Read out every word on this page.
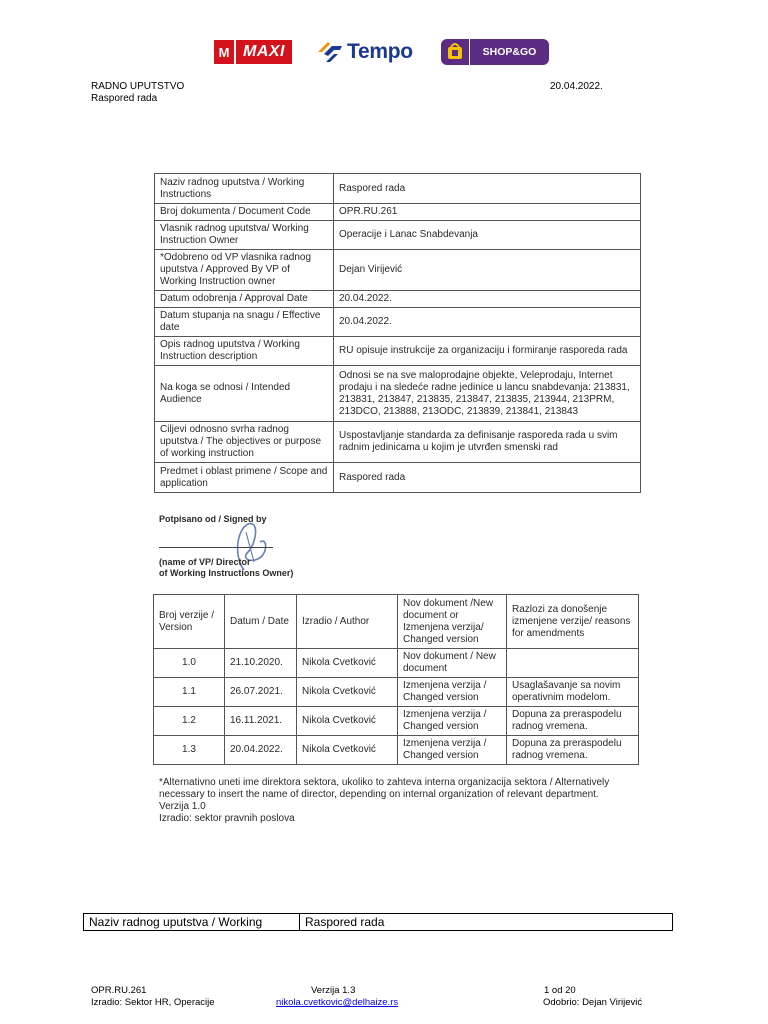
M MAXI	Tempo	SHOP&GO
RADNO UPUTSTVO
Raspored rada
20.04.2022.
Naziv radnog uputstva / Working Instructions	Raspored rada
Broj dokumenta / Document Code	OPR.RU.261
Vlasnik radnog uputstva/ Working Instruction Owner	Operacije i Lanac Snabdevanja
*Odobreno od VP vlasnika radnog uputstva / Approved By VP of Working Instruction owner	Dejan Virijević
Datum odobrenja / Approval Date	20.04.2022.
Datum stupanja na snagu / Effective date	20.04.2022.
Opis radnog uputstva / Working Instruction description	RU opisuje instrukcije za organizaciju i formiranje rasporeda rada
Na koga se odnosi / Intended Audience	Odnosi se na sve maloprodajne objekte, Veleprodaju, Internet prodaju i na sledeće radne jedinice u lancu snabdevanja: 213831, 213831, 213847, 213835, 213847, 213835, 213944, 213PRM, 213DCO, 213888, 213ODC, 213839, 213841, 213843
Ciljevi odnosno svrha radnog uputstva / The objectives or purpose of working instruction	Uspostavljanje standarda za definisanje rasporeda rada u svim radnim jedinicama u kojim je utvrđen smenski rad
Predmet i oblast primene / Scope and application	Raspored rada
Potpisano od / Signed by
(name of VP/ Director
of Working Instructions Owner)
Broj verzije / Version	Datum / Date	Izradio / Author	Nov dokument /New document or Izmenjena verzija/ Changed version	Razlozi za donošenje izmenjene verzije/ reasons for amendments
1.0	21.10.2020.	Nikola Cvetković	Nov dokument / New document	
1.1	26.07.2021.	Nikola Cvetković	Izmenjena verzija / Changed version	Usaglašavanje sa novim operativnim modelom.
1.2	16.11.2021.	Nikola Cvetković	Izmenjena verzija / Changed version	Dopuna za preraspodelu radnog vremena.
1.3	20.04.2022.	Nikola Cvetković	Izmenjena verzija / Changed version	Dopuna za preraspodelu radnog vremena.
*Alternativno uneti ime direktora sektora, ukoliko to zahteva interna organizacija sektora / Alternatively
necessary to insert the name of director, depending on internal organization of relevant department.
Verzija 1.0
Izradio: sektor pravnih poslova
Naziv radnog uputstva / Working	Raspored rada
OPR.RU.261	Verzija 1.3	1 od 20
Izradio: Sektor HR, Operacije	nikola.cvetkovic@delhaize.rs	Odobrio: Dejan Virijević
